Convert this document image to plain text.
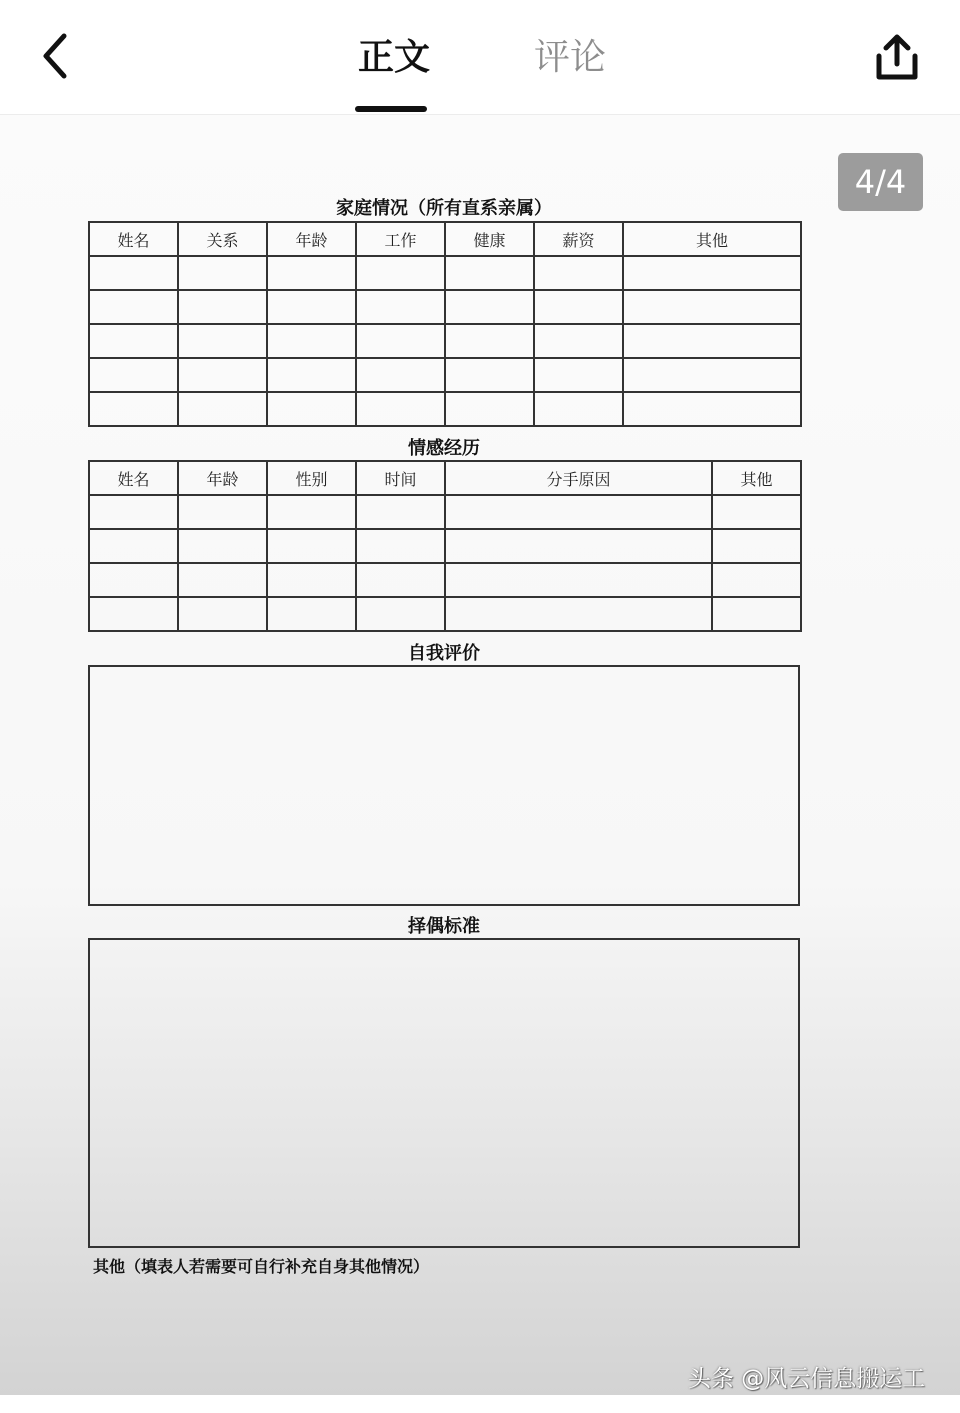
正文	评论
4/4
家庭情况（所有直系亲属）
姓名	关系	年龄	工作	健康	薪资	其他

情感经历
姓名	年龄	性别	时间	分手原因	其他

自我评价
择偶标准
其他（填表人若需要可自行补充自身其他情况）
头条 @风云信息搬运工
